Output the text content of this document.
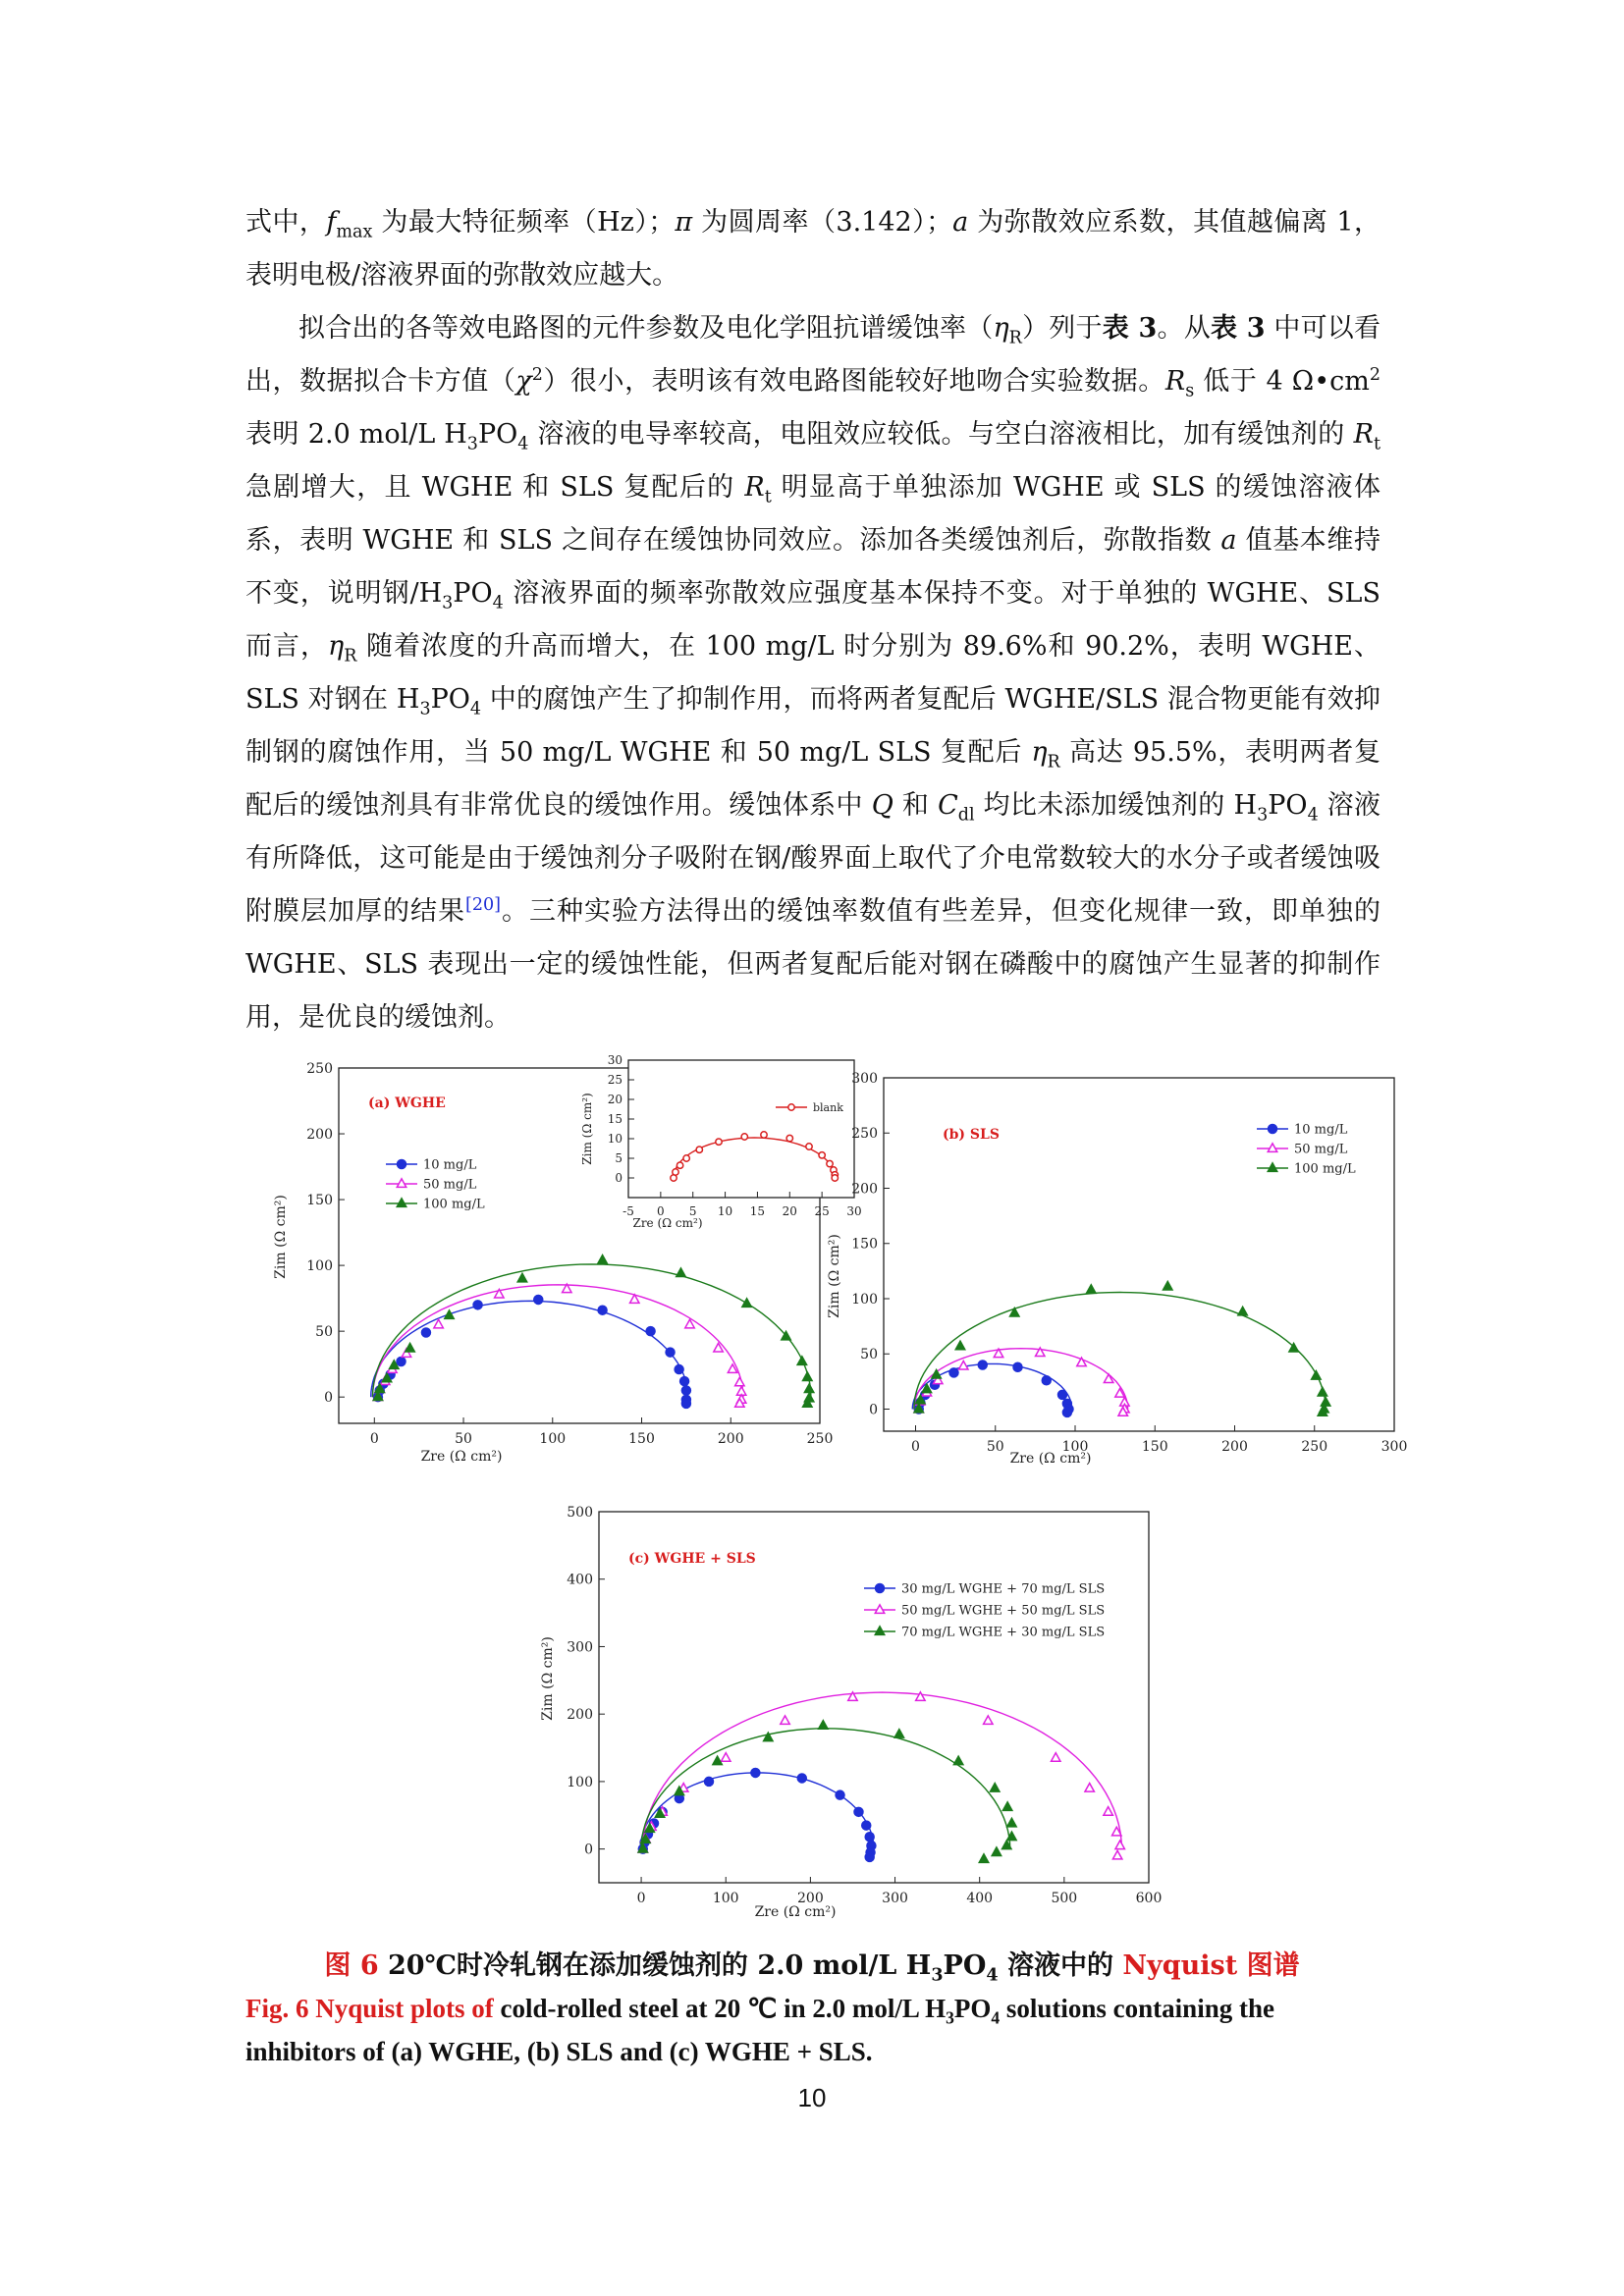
式中，$f_{max}$ 为最大特征频率（Hz）；π 为圆周率（3.142）；a 为弥散效应系数，其值越偏离 1，表明电极/溶液界面的弥散效应越大。

拟合出的各等效电路图的元件参数及电化学阻抗谱缓蚀率$(\eta_R)$列于表 3。从表 3 中可以看出，数据拟合卡方值$(\chi^2)$很小，表明该有效电路图能较好地吻合实验数据。$R_s$ 低于 4 $\Omega•cm^2$ 表明 2.0 mol/L $H_3PO_4$ 溶液的电导率较高，电阻效应较低。与空白溶液相比，加有缓蚀剂的 $R_t$ 急剧增大，且 WGHE 和 SLS 复配后的 $R_t$ 明显高于单独添加 WGHE 或 SLS 的缓蚀溶液体系，表明 WGHE 和 SLS 之间存在缓蚀协同效应。添加各类缓蚀剂后，弥散指数 a 值基本维持不变，说明钢$/H_3PO_4$ 溶液界面的频率弥散效应强度基本保持不变。对于单独的 WGHE、SLS 而言，$\eta_R$ 随着浓度的升高而增大，在 100 mg/L 时分别为 89.6%和 90.2%，表明 WGHE、SLS 对钢在 $H_3PO_4$ 中的腐蚀产生了抑制作用，而将两者复配后 WGHE/SLS 混合物更能有效抑制钢的腐蚀作用，当 50 mg/L WGHE 和 50 mg/L SLS 复配后 $\eta_R$ 高达 95.5%，表明两者复配后的缓蚀剂具有非常优良的缓蚀作用。缓蚀体系中 Q 和 $C_{dl}$ 均比未添加缓蚀剂的 $H_3PO_4$ 溶液有所降低，这可能是由于缓蚀剂分子吸附在钢/酸界面上取代了介电常数较大的水分子或者缓蚀吸附膜层加厚的结果[20]。三种实验方法得出的缓蚀率数值有些差异，但变化规律一致，即单独的 WGHE、SLS 表现出一定的缓蚀性能，但两者复配后能对钢在磷酸中的腐蚀产生显著的抑制作用，是优良的缓蚀剂。

0	50	100	150	200	250
0
50
100
150
200
250
Zre (Ω cm²)
Zim (Ω cm²)
(a) WGHE
10 mg/L
50 mg/L
100 mg/L	-5 0 5 10 15 20 25 30
0
5
10
15
20
25
30
Zre (Ω cm²)
Zim (Ω cm²)	blank
0	50	100	150	200	250	300
0
50
100
150
200
250
300
Zre (Ω cm²)
Zim (Ω cm²)
(b) SLS	10 mg/L
50 mg/L
100 mg/L
0	100	200	300	400	500	600
0
100
200
300
400
500
Zre (Ω cm²)
Zim (Ω cm²)
(c) WGHE + SLS
30 mg/L WGHE + 70 mg/L SLS
50 mg/L WGHE + 50 mg/L SLS
70 mg/L WGHE + 30 mg/L SLS
图 6 20℃时冷轧钢在添加缓蚀剂的 2.0 mol/L $H_3PO_4$ 溶液中的 Nyquist 图谱
Fig. 6 Nyquist plots of cold-rolled steel at 20 ℃ in 2.0 mol/L $H_3PO_4$ solutions containing the inhibitors of (a) WGHE, (b) SLS and (c) WGHE + SLS.
10
